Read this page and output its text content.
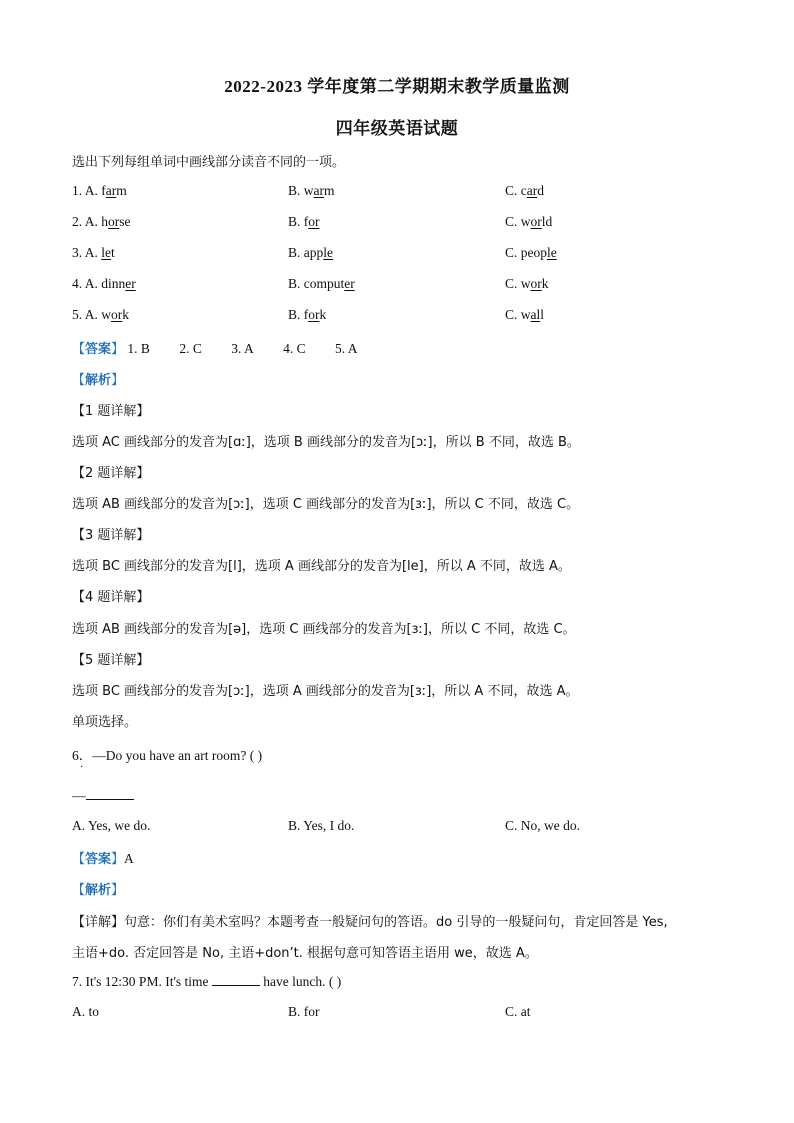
2022-2023 学年度第二学期期末教学质量监测
四年级英语试题
选出下列每组单词中画线部分读音不同的一项。
1. A. farm	B. warm	C. card
2. A. horse	B. for	C. world
3. A. let	B. apple	C. people
4. A. dinner	B. computer	C. work
5. A. work	B. fork	C. wall
【答案】 1. B 2. C 3. A 4. C 5. A
【解析】
【1 题详解】
选项 AC 画线部分的发音为[ɑː]，选项 B 画线部分的发音为[ɔː]，所以 B 不同，故选 B。
【2 题详解】
选项 AB 画线部分的发音为[ɔː]，选项 C 画线部分的发音为[ɜː]，所以 C 不同，故选 C。
【3 题详解】
选项 BC 画线部分的发音为[l]，选项 A 画线部分的发音为[le]，所以 A 不同，故选 A。
【4 题详解】
选项 AB 画线部分的发音为[ə]，选项 C 画线部分的发音为[ɜː]，所以 C 不同，故选 C。
【5 题详解】
选项 BC 画线部分的发音为[ɔː]，选项 A 画线部分的发音为[ɜː]，所以 A 不同，故选 A。
单项选择。
6．—Do you have an art room? ( )
·
—
A. Yes, we do.	B. Yes, I do.	C. No, we do.
【答案】A
【解析】
【详解】句意：你们有美术室吗？本题考查一般疑问句的答语。do 引导的一般疑问句，肯定回答是 Yes,
主语+do. 否定回答是 No, 主语+don’t. 根据句意可知答语主语用 we，故选 A。
7. It's 12:30 PM. It's time	have lunch. ( )
A. to	B. for	C. at
